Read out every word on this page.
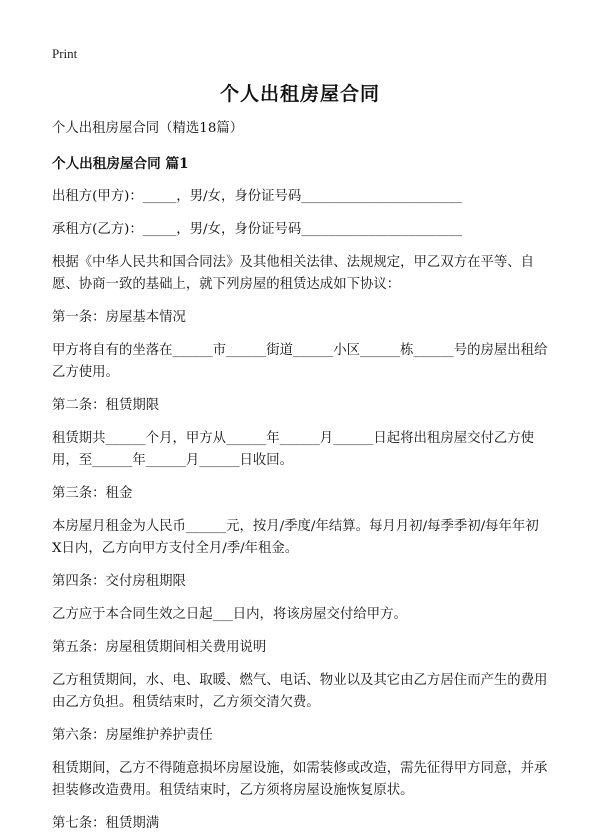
Print
个人出租房屋合同

个人出租房屋合同（精选18篇）

个人出租房屋合同 篇1

出租方(甲方)：_____，男/女，身份证号码________________________

承租方(乙方)：_____，男/女，身份证号码________________________

根据《中华人民共和国合同法》及其他相关法律、法规规定，甲乙双方在平等、自愿、协商一致的基础上，就下列房屋的租赁达成如下协议：

第一条：房屋基本情况

甲方将自有的坐落在______市______街道______小区______栋______号的房屋出租给乙方使用。

第二条：租赁期限

租赁期共______个月，甲方从______年______月______日起将出租房屋交付乙方使用，至______年______月______日收回。

第三条：租金

本房屋月租金为人民币______元，按月/季度/年结算。每月月初/每季季初/每年年初X日内，乙方向甲方支付全月/季/年租金。

第四条：交付房租期限

乙方应于本合同生效之日起___日内，将该房屋交付给甲方。

第五条：房屋租赁期间相关费用说明

乙方租赁期间，水、电、取暖、燃气、电话、物业以及其它由乙方居住而产生的费用由乙方负担。租赁结束时，乙方须交清欠费。

第六条：房屋维护养护责任

租赁期间，乙方不得随意损坏房屋设施，如需装修或改造，需先征得甲方同意，并承担装修改造费用。租赁结束时，乙方须将房屋设施恢复原状。

第七条：租赁期满
